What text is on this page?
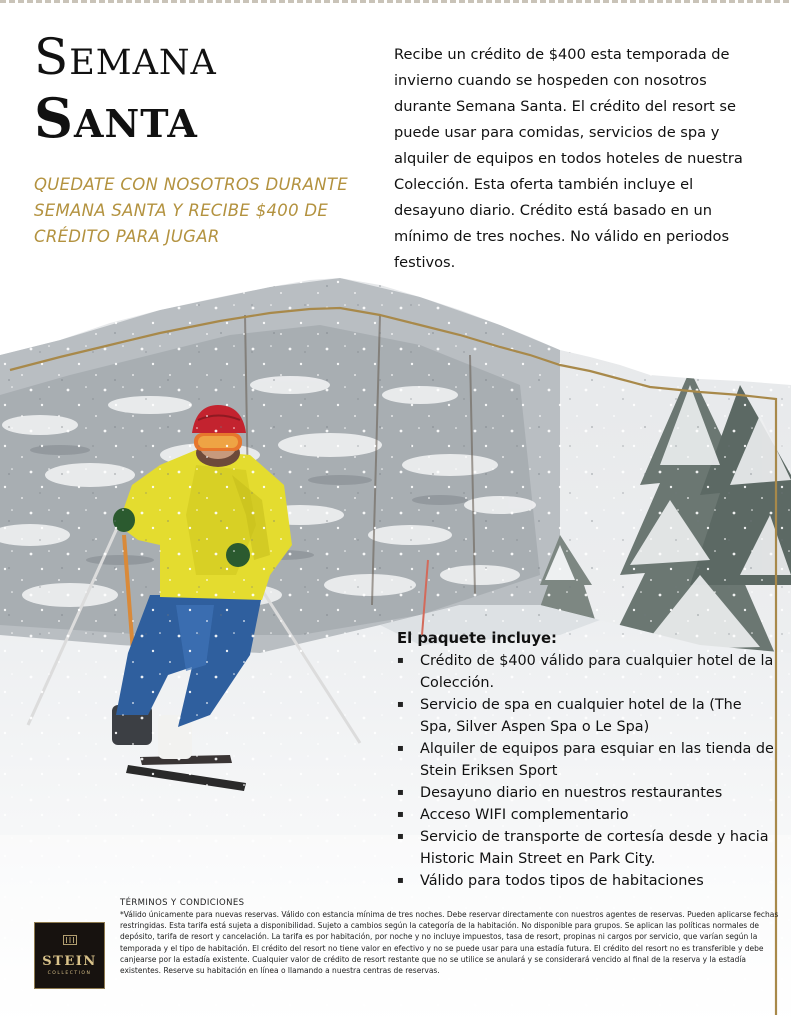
Semana
Santa
QUEDATE CON NOSOTROS DURANTE SEMANA SANTA Y RECIBE $400 DE CRÉDITO PARA JUGAR

Recibe un crédito de $400 esta temporada de invierno cuando se hospeden con nosotros durante Semana Santa. El crédito del resort se puede usar para comidas, servicios de spa y alquiler de equipos en todos hoteles de nuestra Colección. Esta oferta también incluye el desayuno diario. Crédito está basado en un mínimo de tres noches. No válido en periodos festivos.

El paquete incluye:
▪ Crédito de $400 válido para cualquier hotel de la Colección.
▪ Servicio de spa en cualquier hotel de la (The Spa, Silver Aspen Spa o Le Spa)
▪ Alquiler de equipos para esquiar en las tienda de Stein Eriksen Sport
▪ Desayuno diario en nuestros restaurantes
▪ Acceso WIFI complementario
▪ Servicio de transporte de cortesía desde y hacia Historic Main Street en Park City.
▪ Válido para todos tipos de habitaciones
STEIN
COLLECTION
TÉRMINOS Y CONDICIONES
*Válido únicamente para nuevas reservas. Válido con estancia mínima de tres noches. Debe reservar directamente con nuestros agentes de reservas. Pueden aplicarse fechas restringidas. Esta tarifa está sujeta a disponibilidad. Sujeto a cambios según la categoría de la habitación. No disponible para grupos. Se aplican las políticas normales de depósito, tarifa de resort y cancelación. La tarifa es por habitación, por noche y no incluye impuestos, tasa de resort, propinas ni cargos por servicio, que varían según la temporada y el tipo de habitación. El crédito del resort no tiene valor en efectivo y no se puede usar para una estadía futura. El crédito del resort no es transferible y debe canjearse por la estadía existente. Cualquier valor de crédito de resort restante que no se utilice se anulará y se considerará vencido al final de la reserva y la estadía existentes. Reserve su habitación en línea o llamando a nuestra centras de reservas.
